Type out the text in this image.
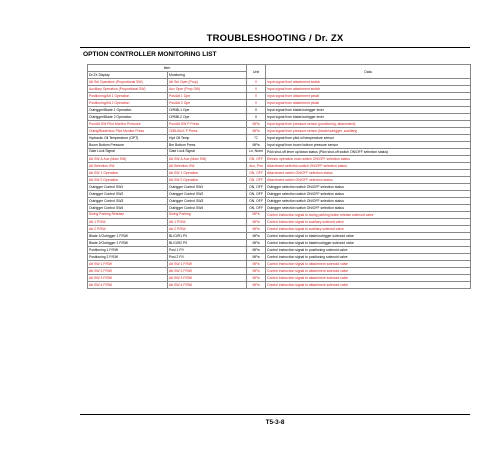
TROUBLESHOOTING / Dr. ZX
OPTION CONTROLLER MONITORING LIST
Item		Unit	Data
Dr.ZX Display	Monitoring		
Att Sel Operation (Proportional SW)	Att Sel Oper (Prop)	V	Input signal from attachment switch
Auxiliary Operation (Proportional SW)	Aux Oper (Prop SW)	V	Input signal from attachment switch
Positioning/Att 1 Operation	Pos/Att 1 Ope	V	Input signal from attachment pedal
Positioning/Att 2 Operation	Pos/Att 2 Ope	V	Input signal from attachment pedal
Outrigger/Blade 1 Operation	O/R/BL1 Ope	V	Input signal from blade/outrigger lever
Outrigger/Blade 2 Operation	O/R/BL2 Ope	V	Input signal from blade/outrigger lever
Pos/Att SW Pilot Monitor Pressure	Pos/Att SW P Press	MPa	Input signal from pressure sensor (positioning, attachment)
Outrig/Blade/Aux Pilot Monitor Press	O/BL/AUX P Press	MPa	Input signal from pressure sensor (blade/outrigger, auxiliary)
Hydraulic Oil Temperature (OPT)	Hyd Oil Temp	°C	Input signal from pilot oil temperature sensor
Boom Bottom Pressure	Bm Bottom Press	MPa	Input signal from boom bottom pressure sensor
Gate Lock Signal	Gate Lock Signal	Lo, Norm	Pilot shut-off lever up/down status (Pilot shut-off switch ON/OFF selection status)
Att SW & Aux (Main SW)	Att SW & Aux (Main SW)	ON, OFF	Electric operation main switch ON/OFF selection status
Att Selection SW	Att Selection SW	Aux, Pos	Attachment selection switch ON/OFF selection status
Att SW 1 Operation	Att SW 1 Operation	ON, OFF	Attachment switch ON/OFF selection status
Att SW 2 Operation	Att SW 2 Operation	ON, OFF	Attachment switch ON/OFF selection status
Outrigger Control SW1	Outrigger Control SW1	ON, OFF	Outrigger selection switch ON/OFF selection status
Outrigger Control SW2	Outrigger Control SW2	ON, OFF	Outrigger selection switch ON/OFF selection status
Outrigger Control SW3	Outrigger Control SW3	ON, OFF	Outrigger selection switch ON/OFF selection status
Outrigger Control SW4	Outrigger Control SW4	ON, OFF	Outrigger selection switch ON/OFF selection status
Swing Parking Release	Swing Parking	MPa	Control instruction signal to swing parking brake release solenoid valve
Att 1 P/SW	Att 1 P/SW	MPa	Control instruction signal to auxiliary solenoid valve
Att 2 P/SW	Att 2 P/SW	MPa	Control instruction signal to auxiliary solenoid valve
Blade 1/Outrigger 1 P/SW	BL/O/R1 P/I	MPa	Control instruction signal to blade/outrigger solenoid valve
Blade 2/Outrigger 2 P/SW	BL/O/R2 P/I	MPa	Control instruction signal to blade/outrigger solenoid valve
Positioning 1 P/SW	Posi 1 P/I	MPa	Control instruction signal to positioning solenoid valve
Positioning 2 P/SW	Posi 2 P/I	MPa	Control instruction signal to positioning solenoid valve
Att SW 1 P/SW	Att SW 1 P/SW	MPa	Control instruction signal to attachment solenoid valve
Att SW 2 P/SW	Att SW 2 P/SW	MPa	Control instruction signal to attachment solenoid valve
Att SW 3 P/SW	Att SW 3 P/SW	MPa	Control instruction signal to attachment solenoid valve
Att SW 4 P/SW	Att SW 4 P/SW	MPa	Control instruction signal to attachment solenoid valve
T5-3-8
